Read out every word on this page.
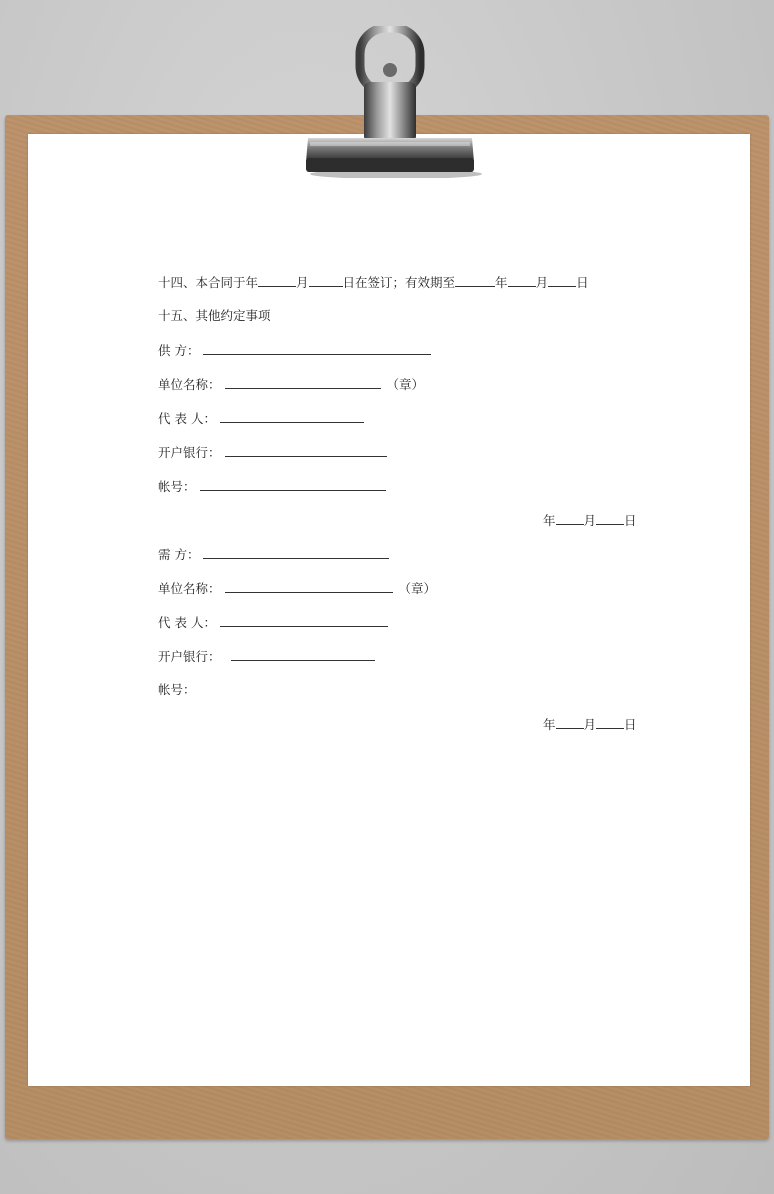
十四、本合同于年	月	日在签订；有效期至	年 月 日
十五、其他约定事项
供 方：
单位名称：	（章）
代 表 人：
开户银行：
帐号：
年 月 日
需 方：
单位名称：	（章）
代 表 人：
开户银行：
帐号：
年 月 日
